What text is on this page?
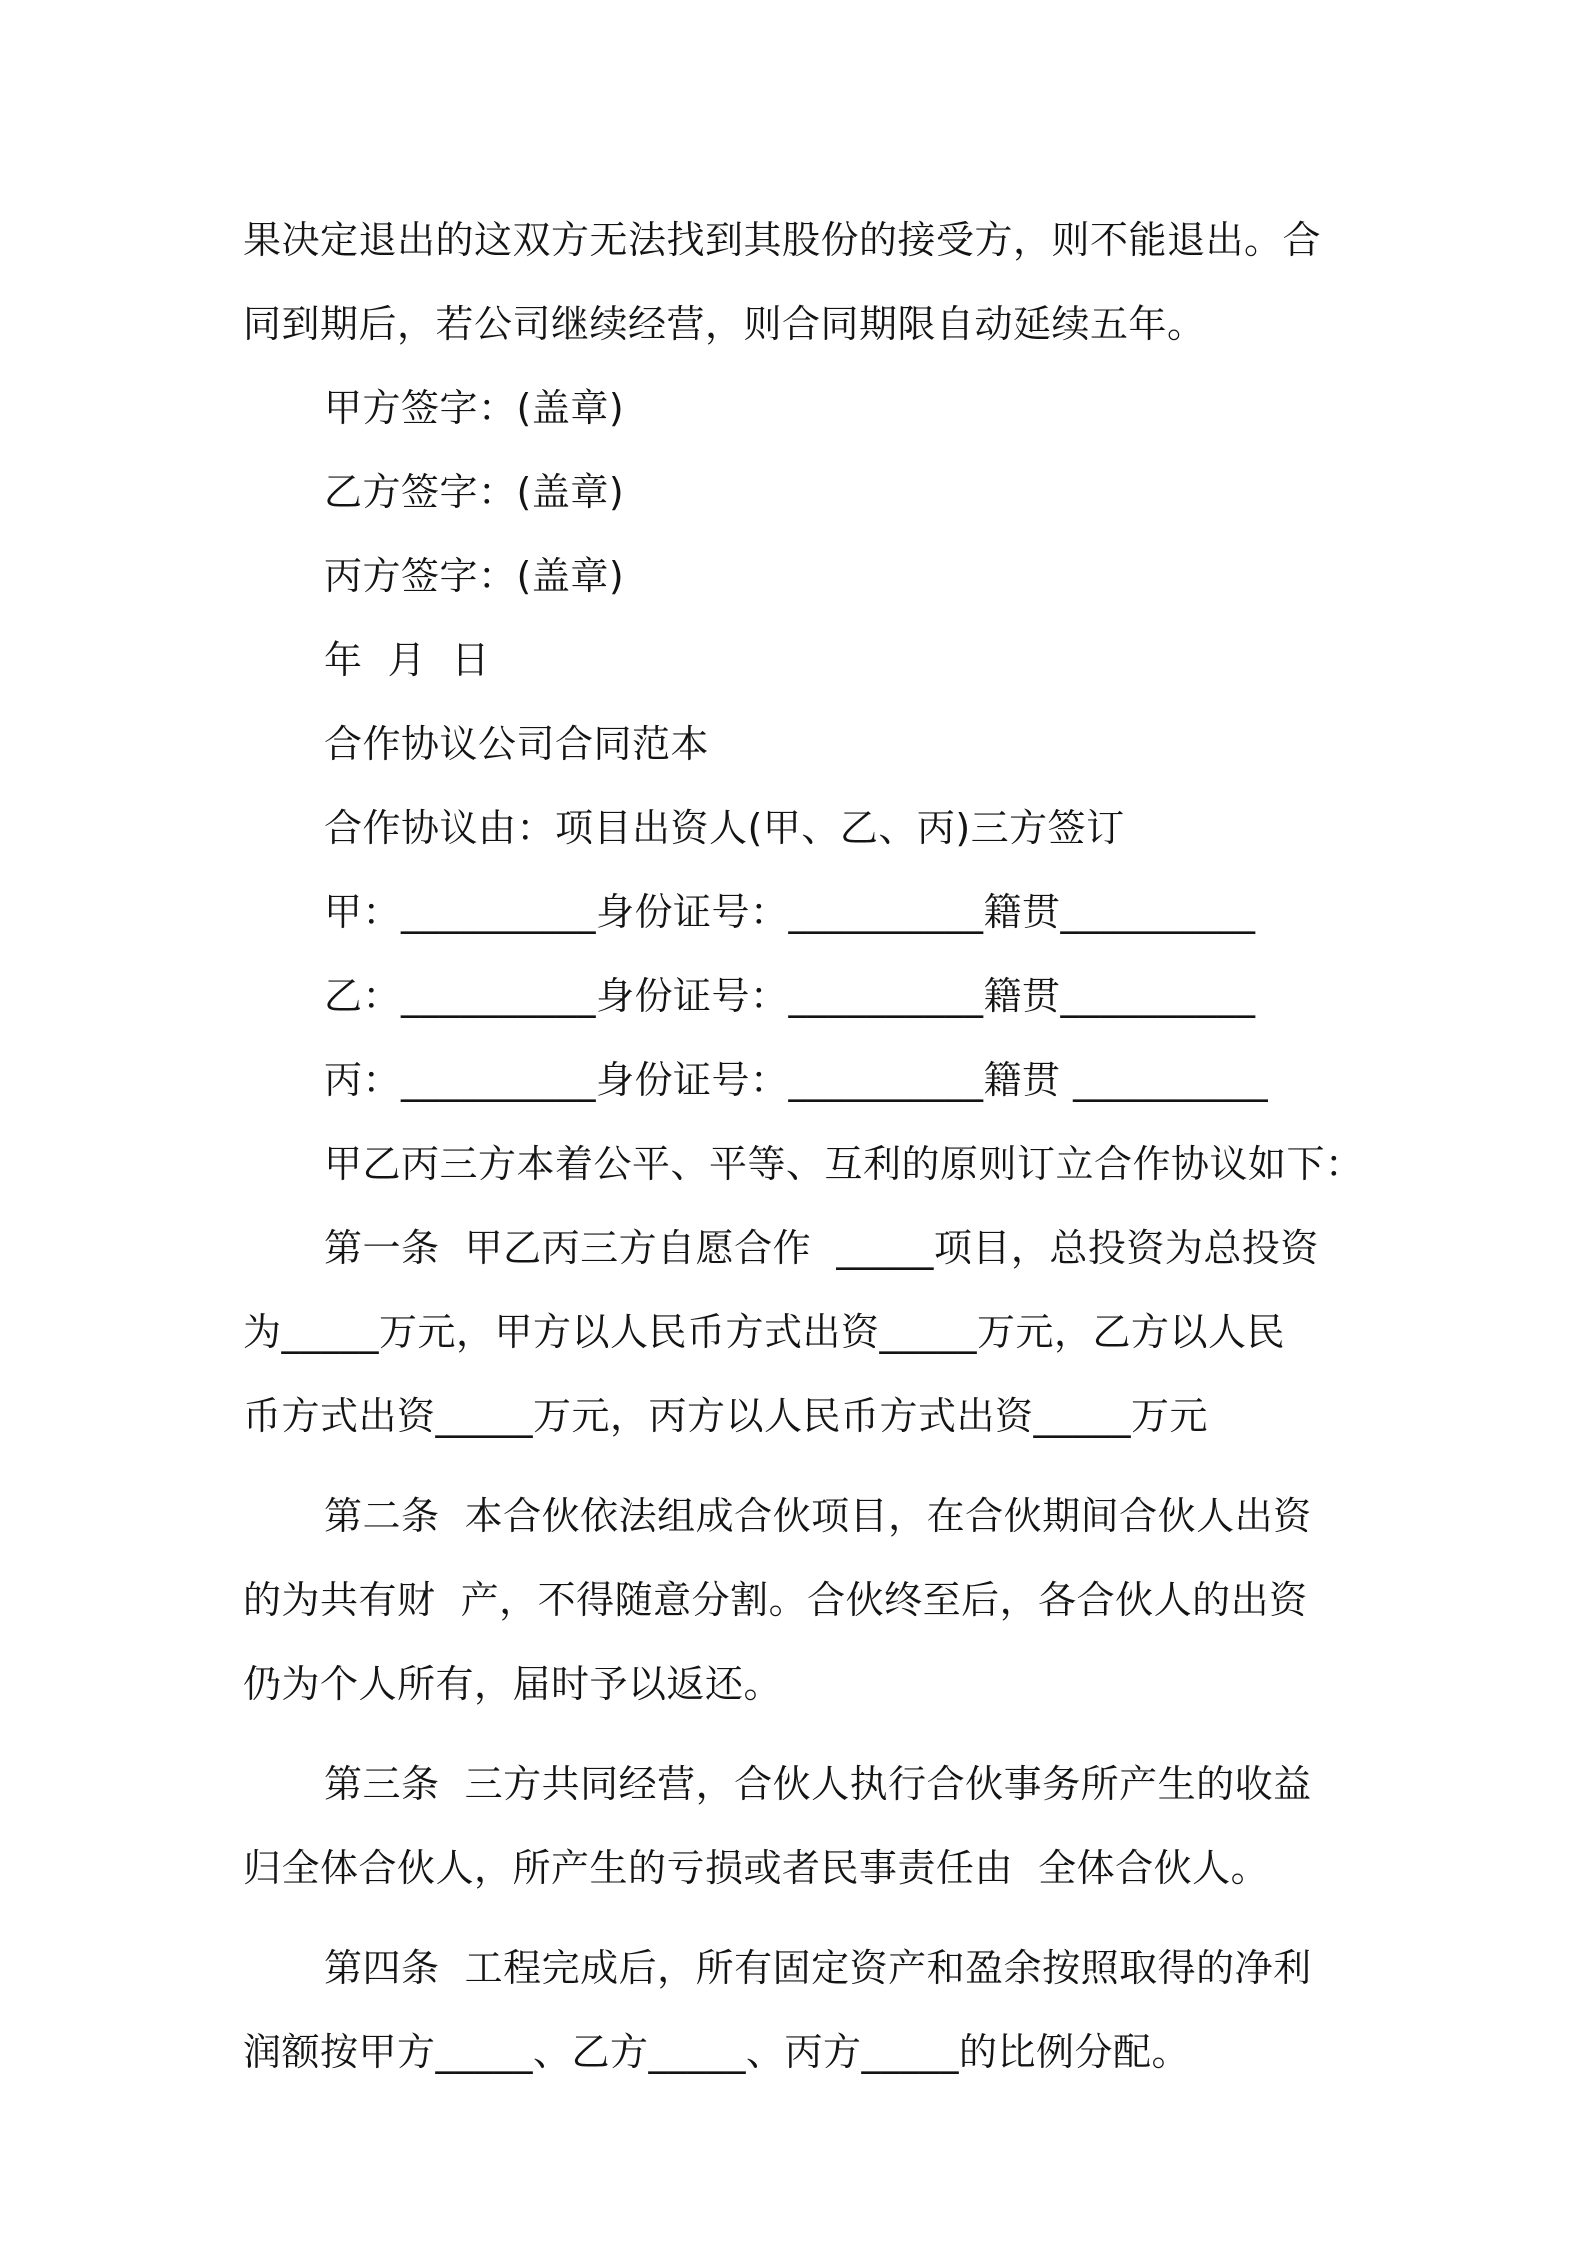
果决定退出的这双方无法找到其股份的接受方，则不能退出。合
同到期后，若公司继续经营，则合同期限自动延续五年。
甲方签字：(盖章)
乙方签字：(盖章)
丙方签字：(盖章)
年  月  日
合作协议公司合同范本
合作协议由：项目出资人(甲、乙、丙)三方签订
甲：__________身份证号：__________籍贯__________
乙：__________身份证号：__________籍贯__________
丙：__________身份证号：__________籍贯 __________
甲乙丙三方本着公平、平等、互利的原则订立合作协议如下：
第一条  甲乙丙三方自愿合作  _____项目，总投资为总投资
为_____万元，甲方以人民币方式出资_____万元，乙方以人民
币方式出资_____万元，丙方以人民币方式出资_____万元
第二条  本合伙依法组成合伙项目，在合伙期间合伙人出资
的为共有财  产，不得随意分割。合伙终至后，各合伙人的出资
仍为个人所有，届时予以返还。
第三条  三方共同经营，合伙人执行合伙事务所产生的收益
归全体合伙人，所产生的亏损或者民事责任由  全体合伙人。
第四条  工程完成后，所有固定资产和盈余按照取得的净利
润额按甲方_____、乙方_____、丙方_____的比例分配。
